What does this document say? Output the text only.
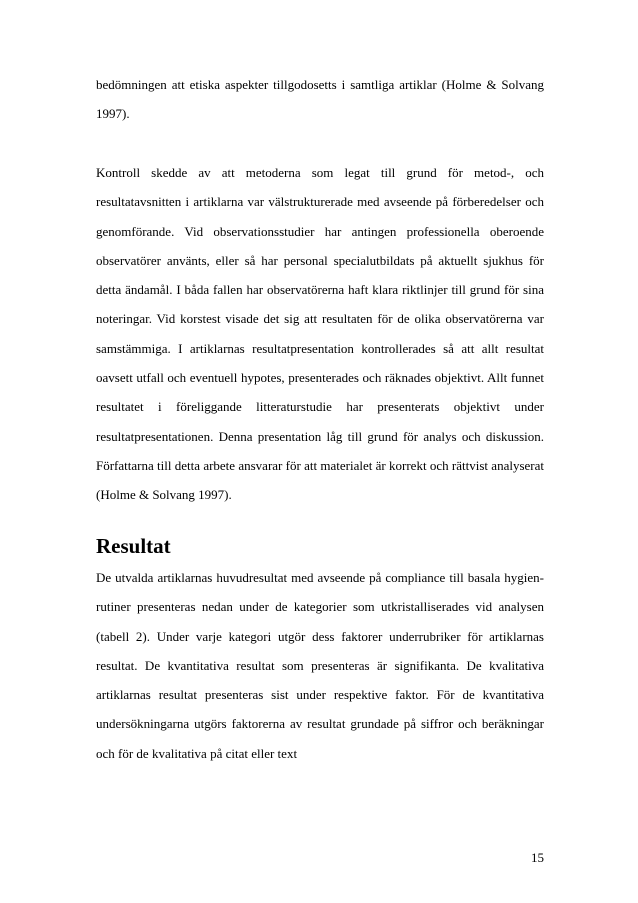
bedömningen att etiska aspekter tillgodosetts i samtliga artiklar (Holme & Solvang 1997).

Kontroll skedde av att metoderna som legat till grund för metod-, och resultatavsnitten i artiklarna var välstrukturerade med avseende på förberedelser och genomförande. Vid observationsstudier har antingen professionella oberoende observatörer använts, eller så har personal specialutbildats på aktuellt sjukhus för detta ändamål. I båda fallen har observatörerna haft klara riktlinjer till grund för sina noteringar. Vid korstest visade det sig att resultaten för de olika observatörerna var samstämmiga. I artiklarnas resultatpresentation kontrollerades så att allt resultat oavsett utfall och eventuell hypotes, presenterades och räknades objektivt. Allt funnet resultatet i föreliggande litteraturstudie har presenterats objektivt under resultatpresentationen. Denna presentation låg till grund för analys och diskussion. Författarna till detta arbete ansvarar för att materialet är korrekt och rättvist analyserat (Holme & Solvang 1997).

Resultat

De utvalda artiklarnas huvudresultat med avseende på compliance till basala hygien-rutiner presenteras nedan under de kategorier som utkristalliserades vid analysen (tabell 2). Under varje kategori utgör dess faktorer underrubriker för artiklarnas resultat. De kvantitativa resultat som presenteras är signifikanta. De kvalitativa artiklarnas resultat presenteras sist under respektive faktor. För de kvantitativa undersökningarna utgörs faktorerna av resultat grundade på siffror och beräkningar och för de kvalitativa på citat eller text

15
